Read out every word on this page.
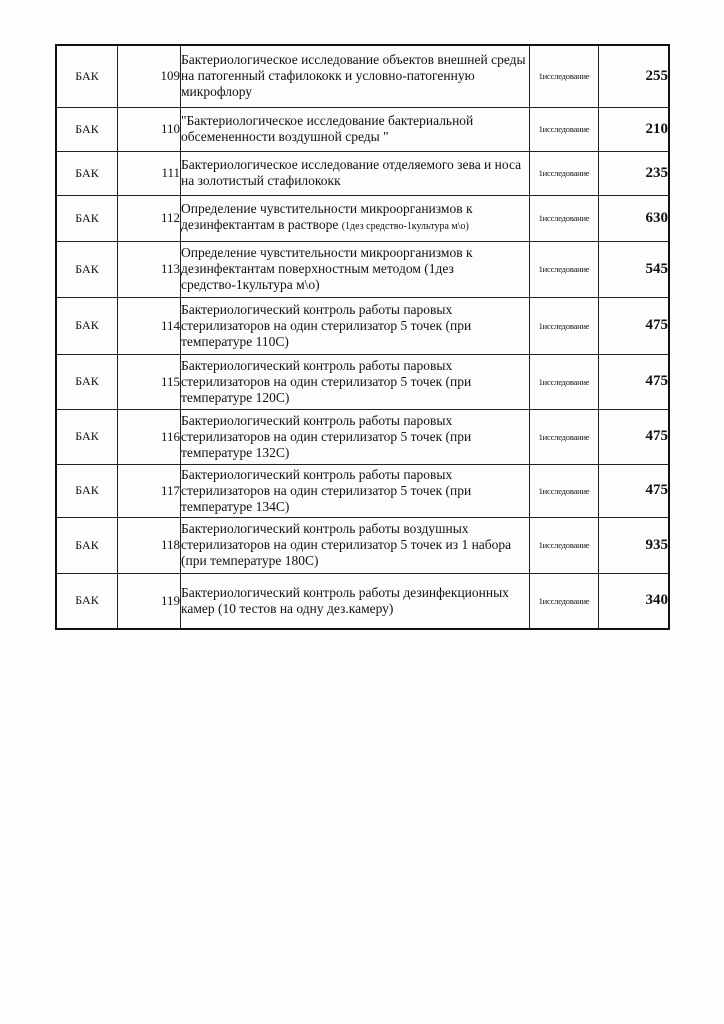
БАК	109	Бактериологическое исследование объектов внешней среды на патогенный стафилококк и условно-патогенную микрофлору	1исследование	255
БАК	110	"Бактериологическое исследование бактериальной обсемененности воздушной среды "	1исследование	210
БАК	111	Бактериологическое исследование отделяемого зева и носа на золотистый стафилококк	1исследование	235
БАК	112	Определение чувстительности микроорганизмов к дезинфектантам в растворе (1дез средство-1культура м\о)	1исследование	630
БАК	113	Определение чувстительности микроорганизмов к дезинфектантам поверхностным методом (1дез средство-1культура м\о)	1исследование	545
БАК	114	Бактериологический контроль работы паровых стерилизаторов на один стерилизатор 5 точек (при температуре 110С)	1исследование	475
БАК	115	Бактериологический контроль работы паровых стерилизаторов на один стерилизатор 5 точек (при температуре 120С)	1исследование	475
БАК	116	Бактериологический контроль работы паровых стерилизаторов на один стерилизатор 5 точек (при температуре 132С)	1исследование	475
БАК	117	Бактериологический контроль работы паровых стерилизаторов на один стерилизатор 5 точек (при температуре 134С)	1исследование	475
БАК	118	Бактериологический контроль работы воздушных стерилизаторов на один стерилизатор 5 точек из 1 набора (при температуре 180С)	1исследование	935
БАК	119	Бактериологический контроль работы дезинфекционных камер (10 тестов на одну дез.камеру)	1исследование	340
